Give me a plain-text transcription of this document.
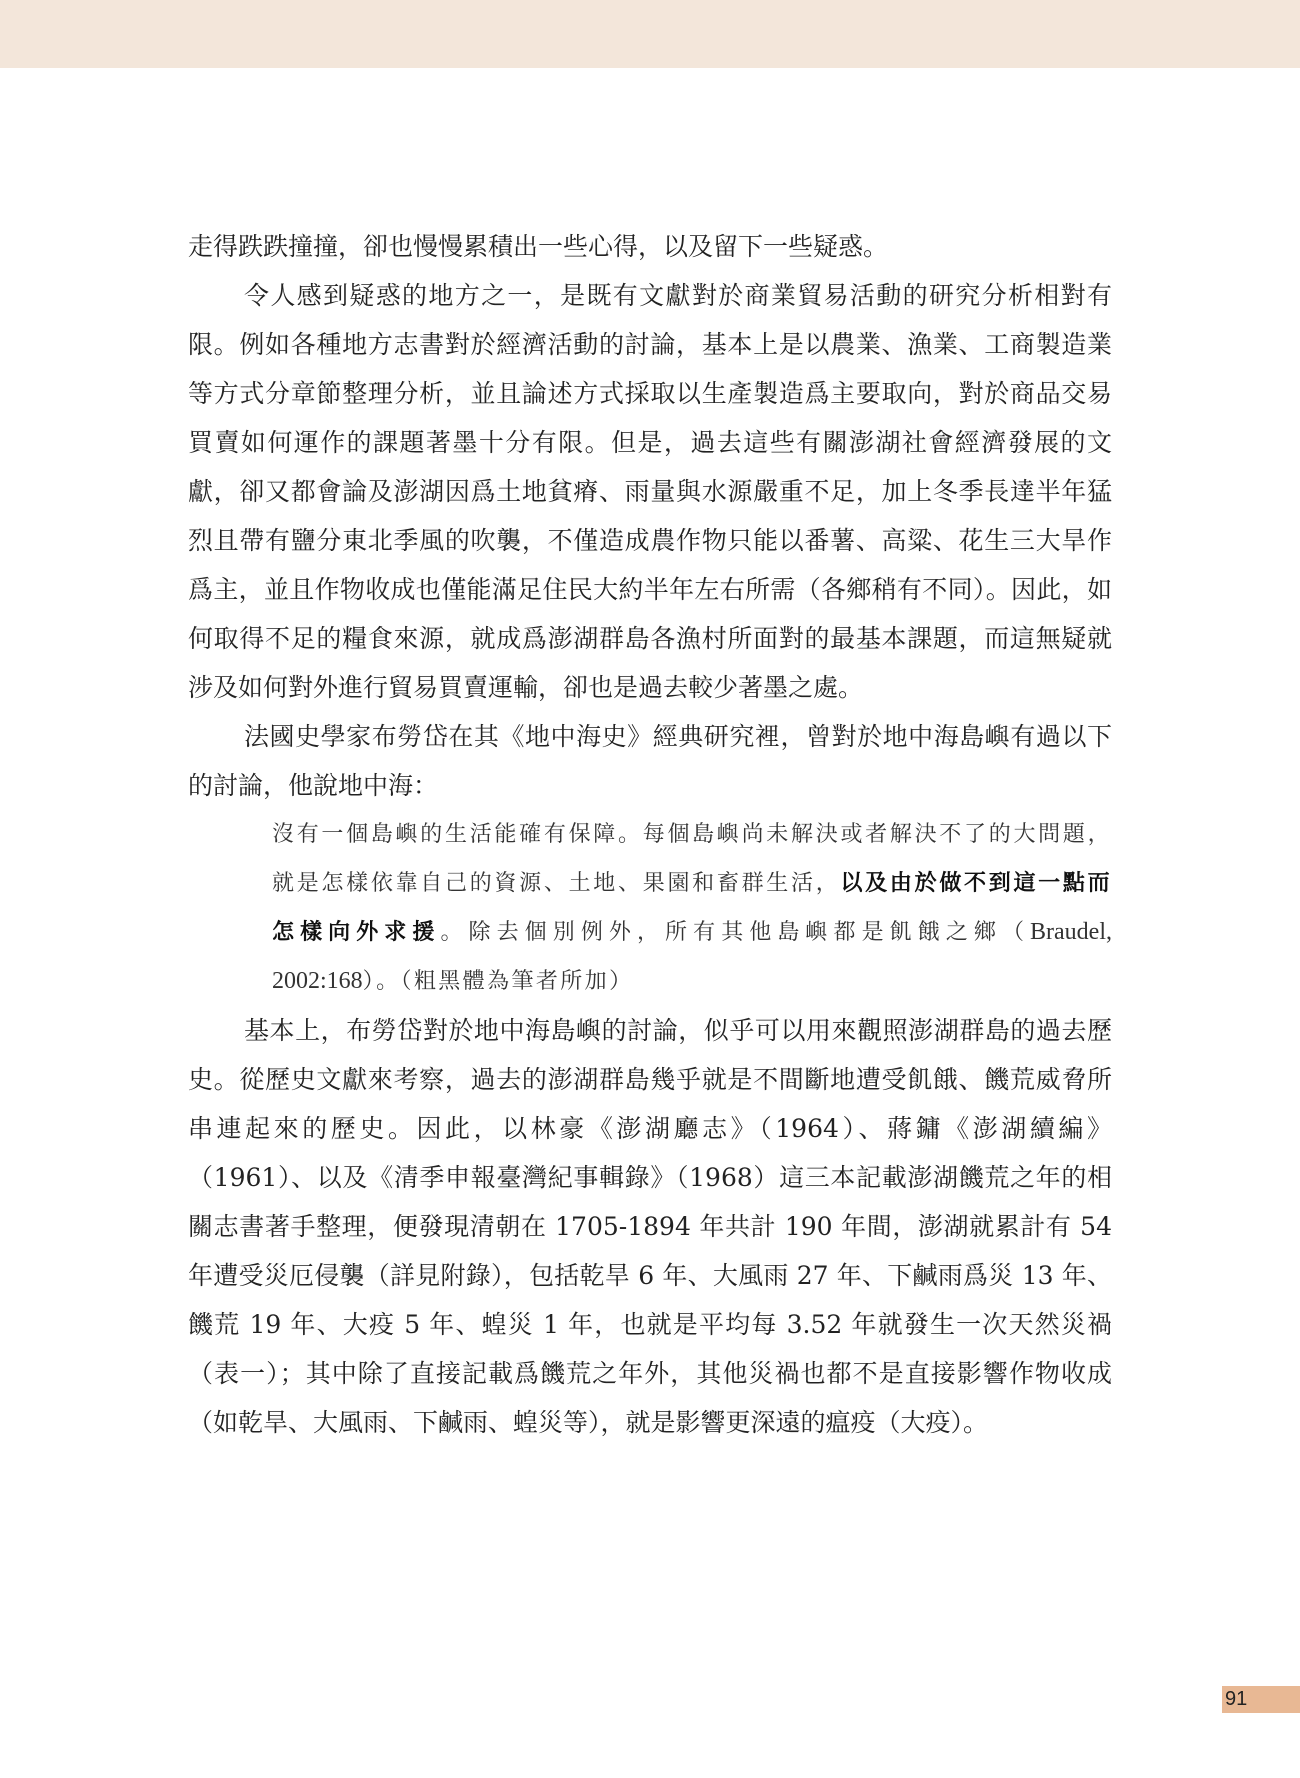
走得跌跌撞撞，卻也慢慢累積出一些心得，以及留下一些疑惑。

令人感到疑惑的地方之一，是既有文獻對於商業貿易活動的研究分析相對有限。例如各種地方志書對於經濟活動的討論，基本上是以農業、漁業、工商製造業等方式分章節整理分析，並且論述方式採取以生產製造爲主要取向，對於商品交易買賣如何運作的課題著墨十分有限。但是，過去這些有關澎湖社會經濟發展的文獻，卻又都會論及澎湖因爲土地貧瘠、雨量與水源嚴重不足，加上冬季長達半年猛烈且帶有鹽分東北季風的吹襲，不僅造成農作物只能以番薯、高粱、花生三大旱作爲主，並且作物收成也僅能滿足住民大約半年左右所需（各鄉稍有不同）。因此，如何取得不足的糧食來源，就成爲澎湖群島各漁村所面對的最基本課題，而這無疑就涉及如何對外進行貿易買賣運輸，卻也是過去較少著墨之處。

法國史學家布勞岱在其《地中海史》經典研究裡，曾對於地中海島嶼有過以下的討論，他說地中海：

沒有一個島嶼的生活能確有保障。每個島嶼尚未解決或者解決不了的大問題，就是怎樣依靠自己的資源、土地、果園和畜群生活，以及由於做不到這一點而怎樣向外求援。除去個別例外，所有其他島嶼都是飢餓之鄉（Braudel, 2002:168）。（粗黑體為筆者所加）

基本上，布勞岱對於地中海島嶼的討論，似乎可以用來觀照澎湖群島的過去歷史。從歷史文獻來考察，過去的澎湖群島幾乎就是不間斷地遭受飢餓、饑荒威脅所串連起來的歷史。因此，以林豪《澎湖廳志》（1964）、蔣鏞《澎湖續編》（1961）、以及《清季申報臺灣紀事輯錄》（1968）這三本記載澎湖饑荒之年的相關志書著手整理，便發現清朝在 1705-1894 年共計 190 年間，澎湖就累計有 54 年遭受災厄侵襲（詳見附錄），包括乾旱 6 年、大風雨 27 年、下鹹雨爲災 13 年、饑荒 19 年、大疫 5 年、蝗災 1 年，也就是平均每 3.52 年就發生一次天然災禍（表一）；其中除了直接記載爲饑荒之年外，其他災禍也都不是直接影響作物收成（如乾旱、大風雨、下鹹雨、蝗災等），就是影響更深遠的瘟疫（大疫）。

91
